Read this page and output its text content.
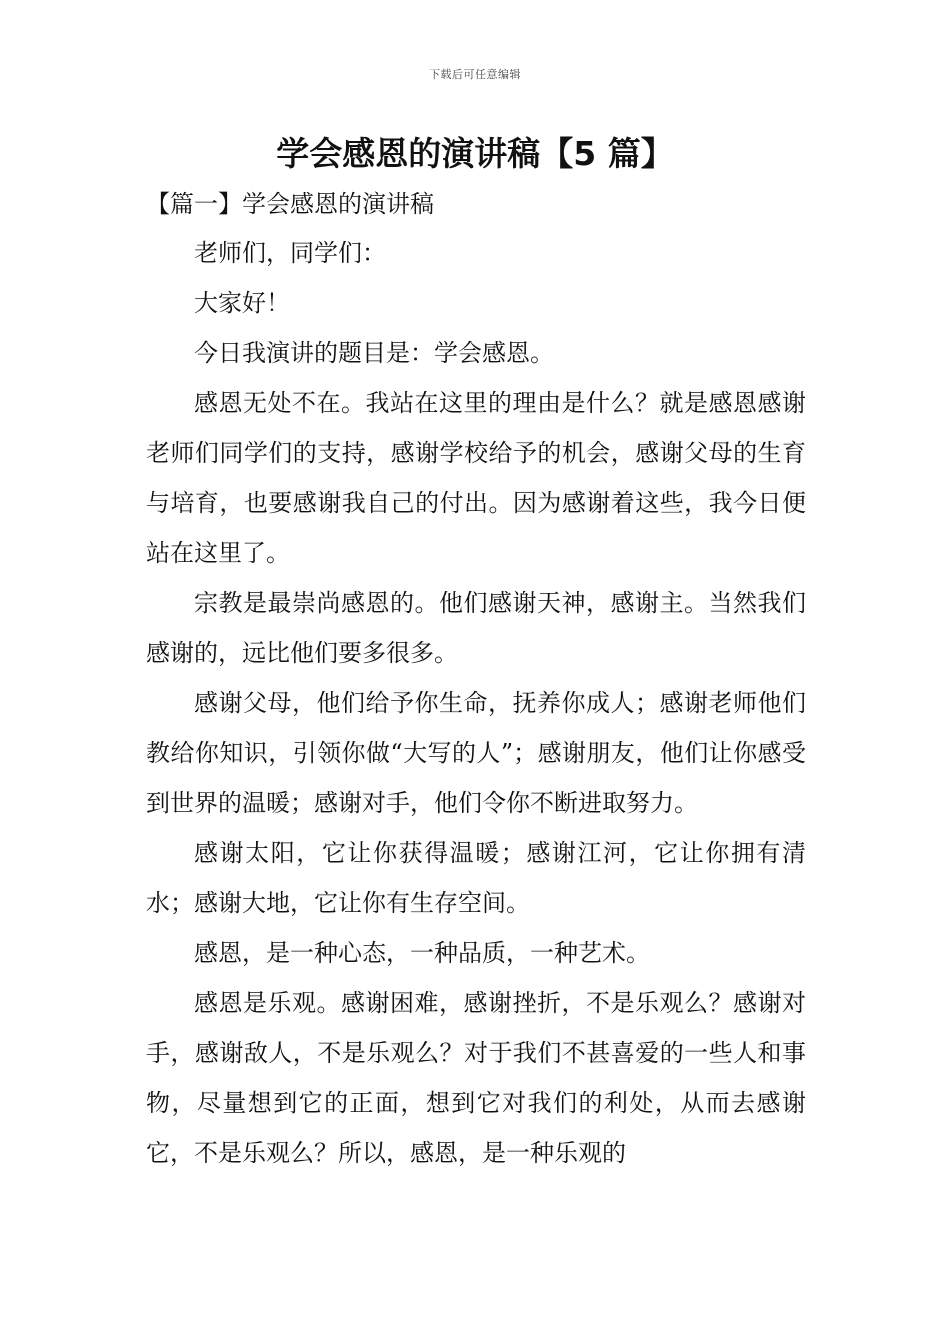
下载后可任意编辑
学会感恩的演讲稿【5 篇】
【篇一】学会感恩的演讲稿

老师们，同学们：

大家好！

今日我演讲的题目是：学会感恩。

感恩无处不在。我站在这里的理由是什么？就是感恩感谢老师们同学们的支持，感谢学校给予的机会，感谢父母的生育与培育，也要感谢我自己的付出。因为感谢着这些，我今日便站在这里了。

宗教是最崇尚感恩的。他们感谢天神，感谢主。当然我们感谢的，远比他们要多很多。

感谢父母，他们给予你生命，抚养你成人；感谢老师他们教给你知识，引领你做“大写的人”；感谢朋友，他们让你感受到世界的温暖；感谢对手，他们令你不断进取努力。

感谢太阳，它让你获得温暖；感谢江河，它让你拥有清水；感谢大地，它让你有生存空间。

感恩，是一种心态，一种品质，一种艺术。

感恩是乐观。感谢困难，感谢挫折，不是乐观么？感谢对手，感谢敌人，不是乐观么？对于我们不甚喜爱的一些人和事物，尽量想到它的正面，想到它对我们的利处，从而去感谢它，不是乐观么？所以，感恩，是一种乐观的
